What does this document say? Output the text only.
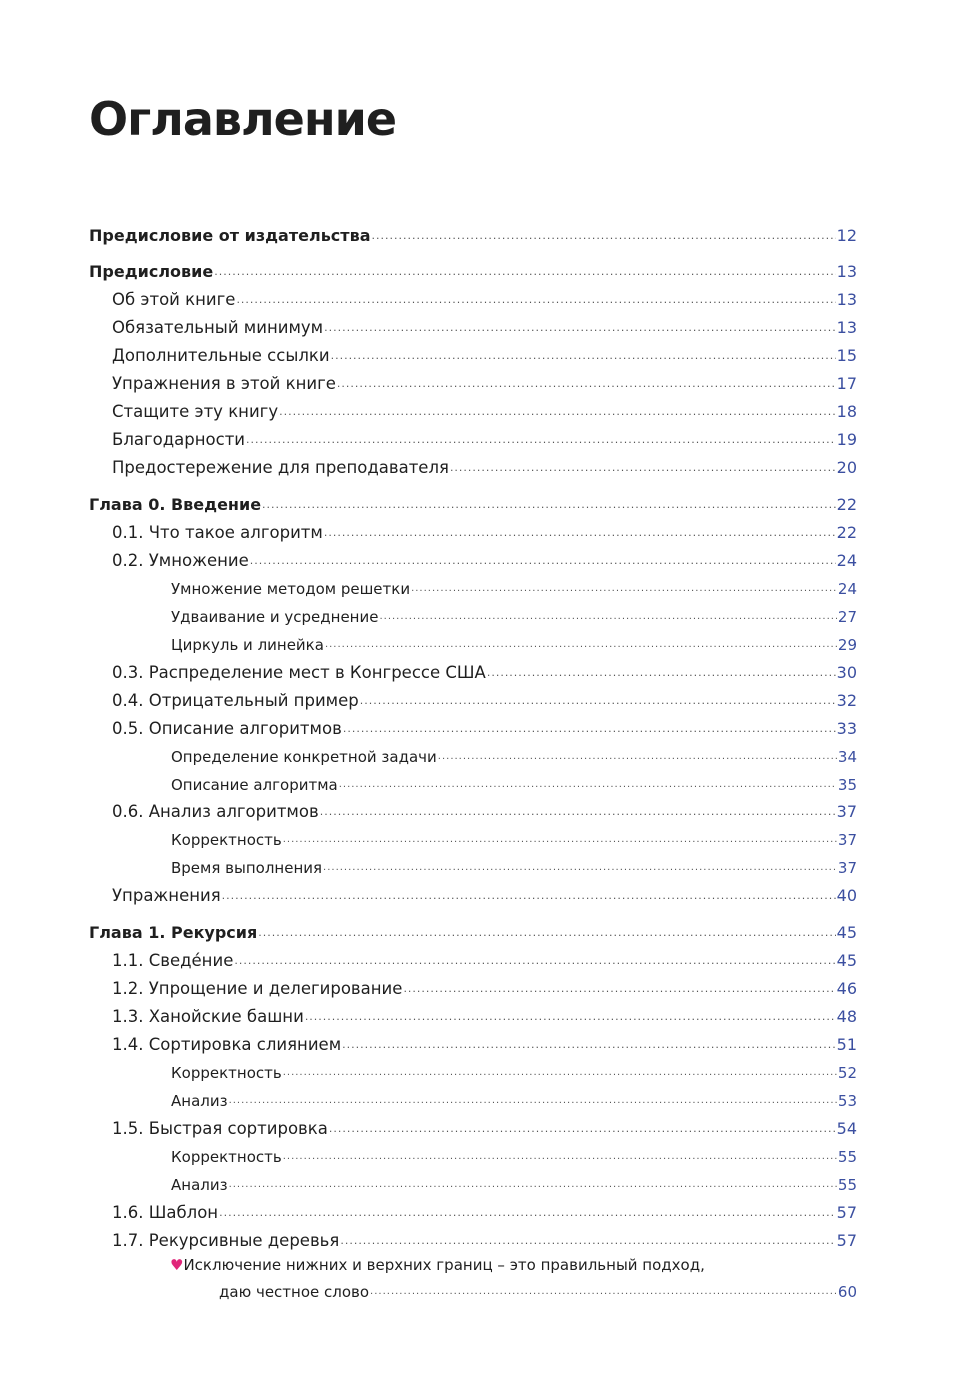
Оглавление
Предисловие от издательства .....	12
Предисловие .....	13
Об этой книге .....	13
Обязательный минимум .....	13
Дополнительные ссылки .....	15
Упражнения в этой книге .....	17
Стащите эту книгу .....	18
Благодарности .....	19
Предостережение для преподавателя .....	20
Глава 0. Введение .....	22
0.1. Что такое алгоритм .....	22
0.2. Умножение .....	24
Умножение методом решетки .....	24
Удваивание и усреднение .....	27
Циркуль и линейка .....	29
0.3. Распределение мест в Конгрессе США .....	30
0.4. Отрицательный пример .....	32
0.5. Описание алгоритмов .....	33
Определение конкретной задачи .....	34
Описание алгоритма .....	35
0.6. Анализ алгоритмов .....	37
Корректность .....	37
Время выполнения .....	37
Упражнения .....	40
Глава 1. Рекурсия .....	45
1.1. Сведе́ние .....	45
1.2. Упрощение и делегирование .....	46
1.3. Ханойские башни .....	48
1.4. Сортировка слиянием .....	51
Корректность .....	52
Анализ .....	53
1.5. Быстрая сортировка .....	54
Корректность .....	55
Анализ .....	55
1.6. Шаблон .....	57
1.7. Рекурсивные деревья .....	57
♥Исключение нижних и верхних границ – это правильный подход,
даю честное слово .....	60
